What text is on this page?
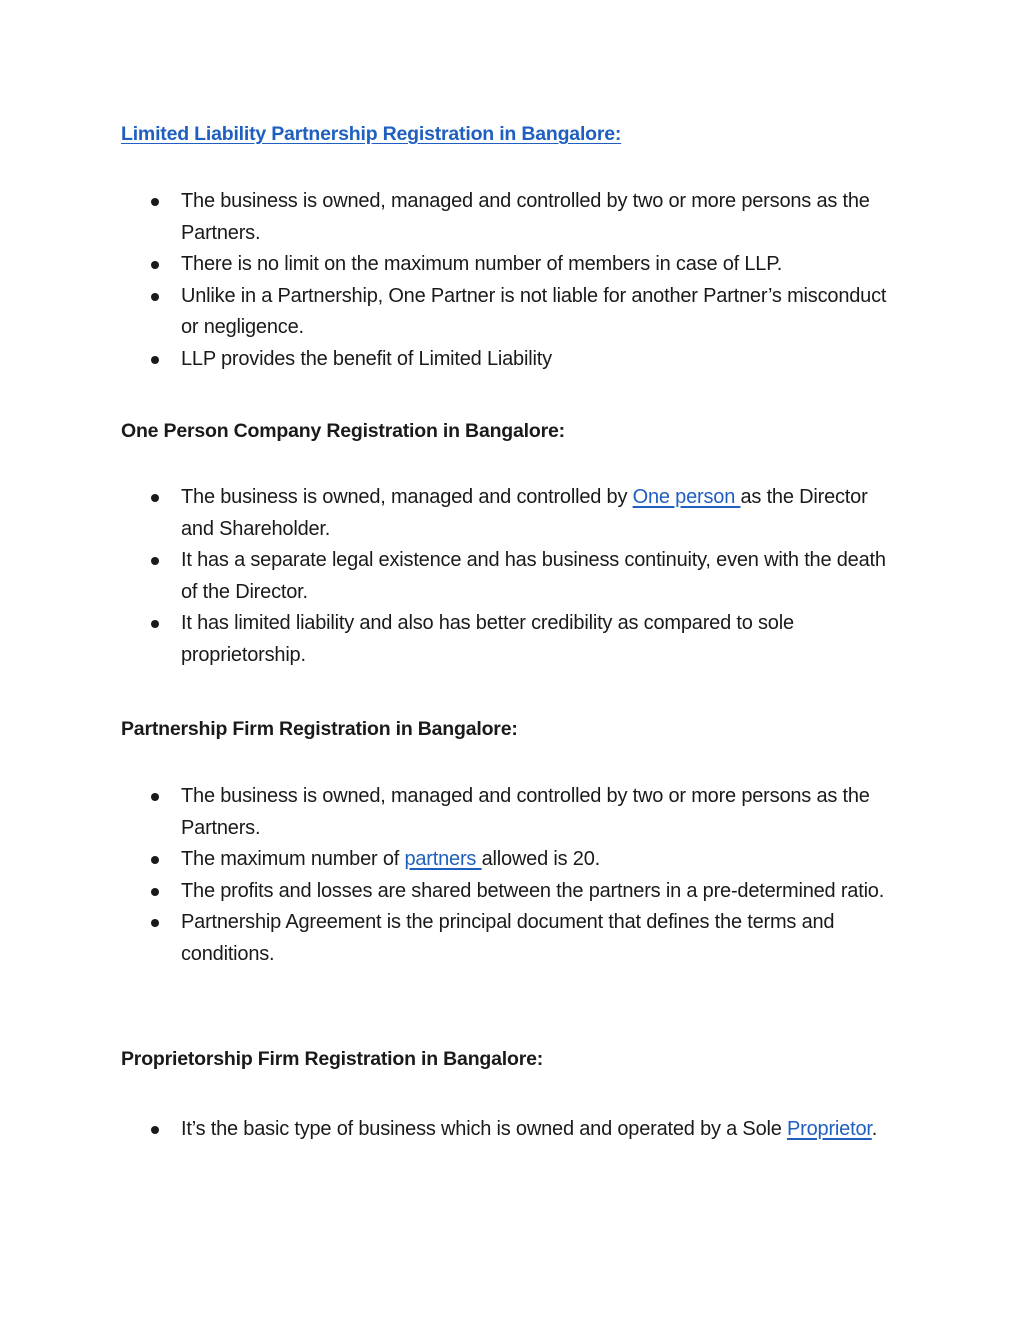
Limited Liability Partnership Registration in Bangalore:
The business is owned, managed and controlled by two or more persons as the Partners.
There is no limit on the maximum number of members in case of LLP.
Unlike in a Partnership, One Partner is not liable for another Partner’s misconduct or negligence.
LLP provides the benefit of Limited Liability
One Person Company Registration in Bangalore:
The business is owned, managed and controlled by One person as the Director and Shareholder.
It has a separate legal existence and has business continuity, even with the death of the Director.
It has limited liability and also has better credibility as compared to sole proprietorship.
Partnership Firm Registration in Bangalore:
The business is owned, managed and controlled by two or more persons as the Partners.
The maximum number of partners allowed is 20.
The profits and losses are shared between the partners in a pre-determined ratio.
Partnership Agreement is the principal document that defines the terms and conditions.
Proprietorship Firm Registration in Bangalore:
It’s the basic type of business which is owned and operated by a Sole Proprietor.
